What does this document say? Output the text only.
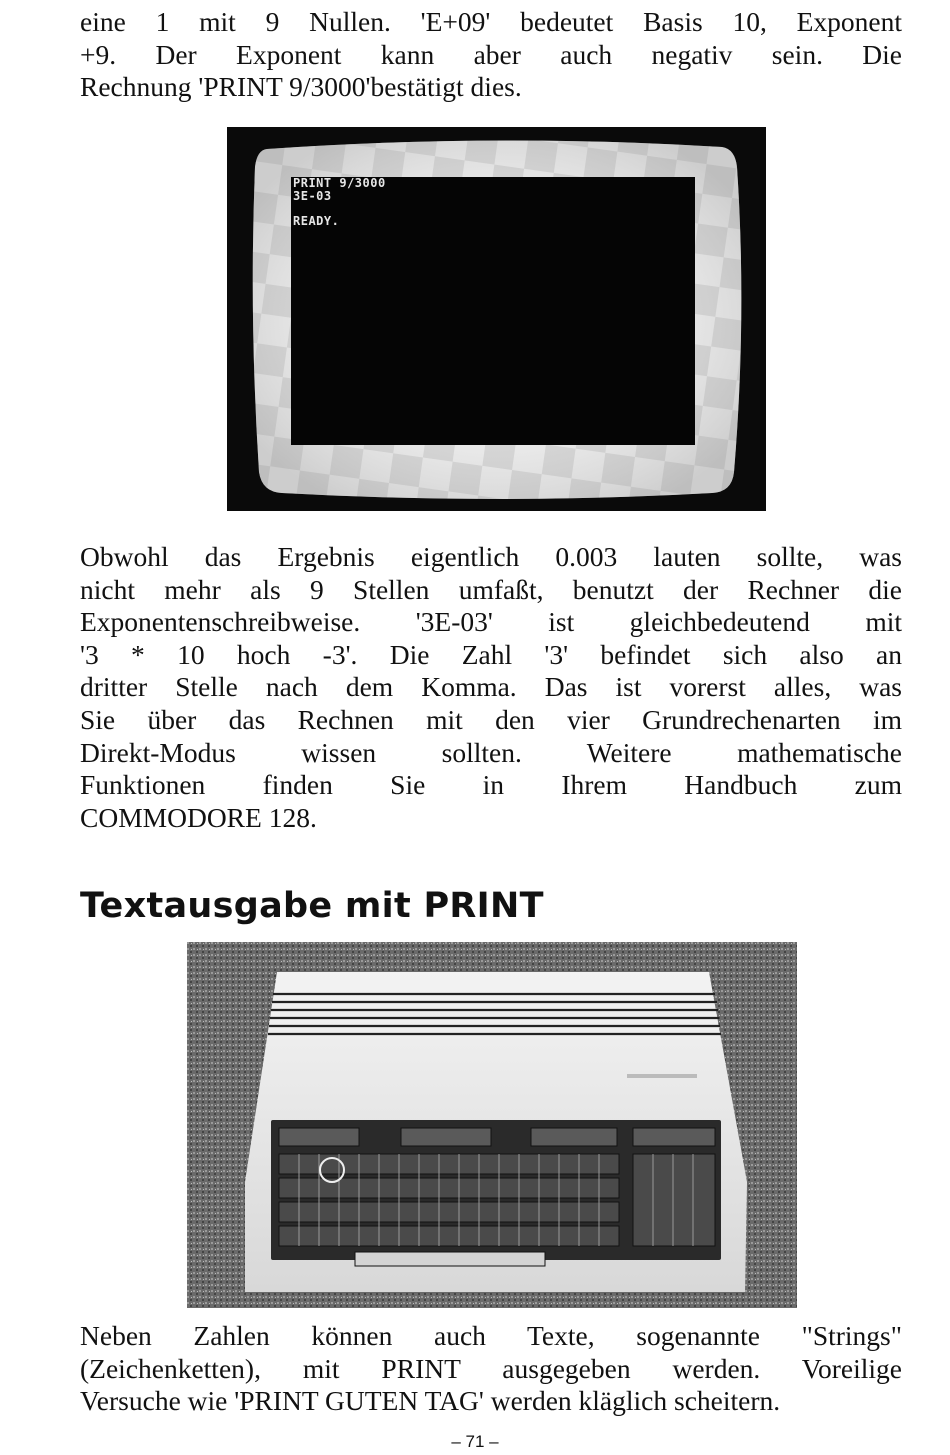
eine 1 mit 9 Nullen. 'E+09' bedeutet Basis 10, Exponent
+9. Der Exponent kann aber auch negativ sein. Die
Rechnung 'PRINT 9/3000'bestätigt dies.
PRINT 9/3000
3E-03
READY.
Obwohl das Ergebnis eigentlich 0.003 lauten sollte, was
nicht mehr als 9 Stellen umfaßt, benutzt der Rechner die
Exponentenschreibweise. '3E-03' ist gleichbedeutend mit
'3 * 10 hoch -3'. Die Zahl '3' befindet sich also an
dritter Stelle nach dem Komma. Das ist vorerst alles, was
Sie über das Rechnen mit den vier Grundrechenarten im
Direkt-Modus wissen sollten. Weitere mathematische
Funktionen finden Sie in Ihrem Handbuch zum
COMMODORE 128.
Textausgabe mit PRINT
Neben Zahlen können auch Texte, sogenannte "Strings"
(Zeichenketten), mit PRINT ausgegeben werden. Voreilige
Versuche wie 'PRINT GUTEN TAG' werden kläglich scheitern.

– 71 –
